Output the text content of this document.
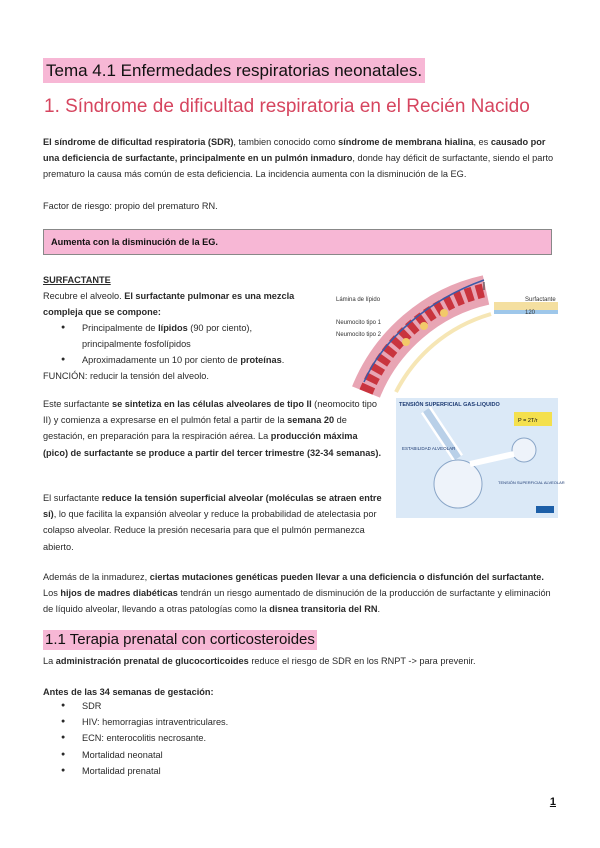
Tema 4.1 Enfermedades respiratorias neonatales.
1. Síndrome de dificultad respiratoria en el Recién Nacido
El síndrome de dificultad respiratoria (SDR), tambien conocido como síndrome de membrana hialina, es causado por una deficiencia de surfactante, principalmente en un pulmón inmaduro, donde hay déficit de surfactante, siendo el parto prematuro la causa más común de esta deficiencia. La incidencia aumenta con la disminución de la EG.
Factor de riesgo: propio del prematuro RN.
Aumenta con la disminución de la EG.
SURFACTANTE
Recubre el alveolo. El surfactante pulmonar es una mezcla compleja que se compone:
● Principalmente de lípidos (90 por ciento), principalmente fosfolípidos
● Aproximadamente un 10 por ciento de proteínas.
FUNCIÓN: reducir la tensión del alveolo.
Este surfactante se sintetiza en las células alveolares de tipo II (neomocito tipo II) y comienza a expresarse en el pulmón fetal a partir de la semana 20 de gestación, en preparación para la respiración aérea. La producción máxima (pico) de surfactante se produce a partir del tercer trimestre (32-34 semanas).
El surfactante reduce la tensión superficial alveolar (moléculas se atraen entre sí), lo que facilita la expansión alveolar y reduce la probabilidad de atelectasia por colapso alveolar. Reduce la presión necesaria para que el pulmón permanezca abierto.
Además de la inmadurez, ciertas mutaciones genéticas pueden llevar a una deficiencia o disfunción del surfactante. Los hijos de madres diabéticas tendrán un riesgo aumentado de disminución de la producción de surfactante y eliminación de líquido alveolar, llevando a otras patologías como la disnea transitoria del RN.
Lámina de lípido
Neumocito tipo 1
Neumocito tipo 2
Surfactante
120
TENSIÓN SUPERFICIAL GAS-LIQUIDO
P = 2T/r
ESTABILIDAD ALVEOLAR
TENSIÓN SUPERFICIAL ALVEOLAR
1.1 Terapia prenatal con corticosteroides
La administración prenatal de glucocorticoides reduce el riesgo de SDR en los RNPT -> para prevenir.
Antes de las 34 semanas de gestación:
● SDR
● HIV: hemorragias intraventriculares.
● ECN: enterocolitis necrosante.
● Mortalidad neonatal
● Mortalidad prenatal
1
